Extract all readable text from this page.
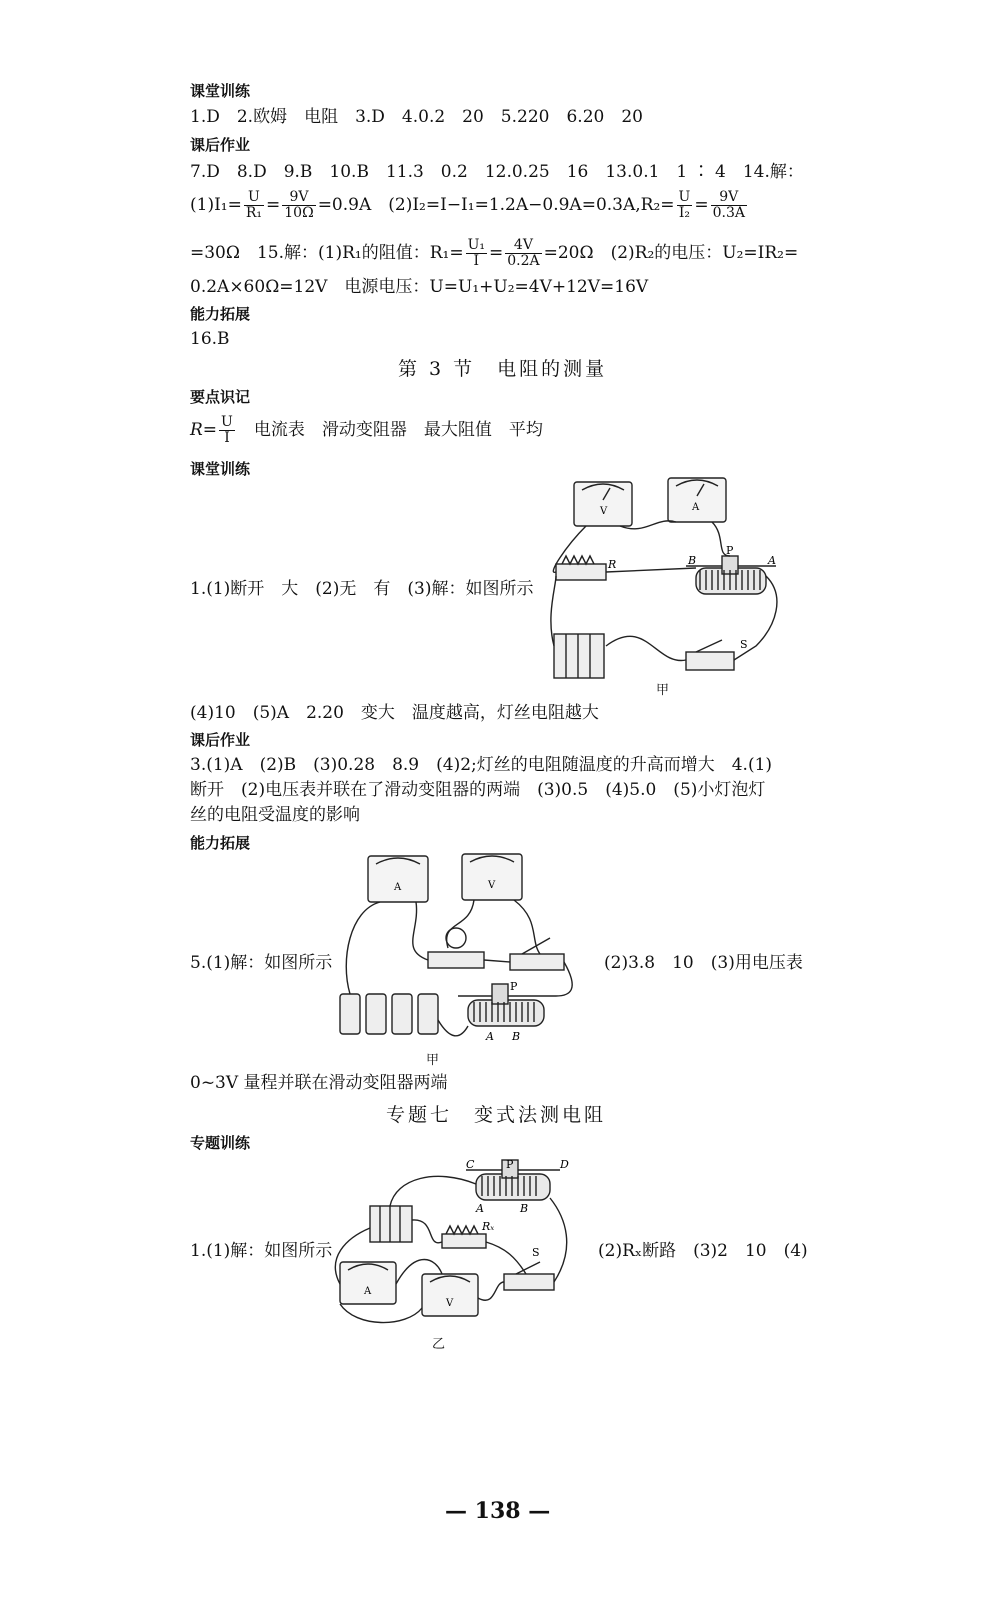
课堂训练
1.D　2.欧姆　电阻　3.D　4.0.2　20　5.220　6.20　20
课后作业
7.D　8.D　9.B　10.B　11.3　0.2　12.0.25　16　13.0.1　1 ∶ 4　14.解：
$(1)I_1= \frac{U}{\text{R₁}} = \frac{9V}{10\Omega} =0.9A$　$(2)I_2=I-I_1=1.2A-0.9A=0.3A,R_2= \frac{U}{\text{I₂}} = \frac{9V}{0.3A}$
=30Ω　15.解：(1)R₁的阻值：$R_1= \frac{\text{U₁}}{I} = \frac{4V}{0.2A} =20\Omega$　(2)R₂的电压：U₂=IR₂=
0.2A×60Ω=12V　电源电压：U=U₁+U₂=4V+12V=16V
能力拓展
16.B
第 3 节　电阻的测量
要点识记
$R= \frac{U}{I}$ 　电流表　滑动变阻器　最大阻值　平均
课堂训练
1.(1)断开　大　(2)无　有　(3)解：如图所示
V	A
R
P
B	A
S
甲
(4)10　(5)A　2.20　变大　温度越高，灯丝电阻越大
课后作业
3.(1)A　(2)B　(3)0.28　8.9　(4)2;灯丝的电阻随温度的升高而增大　4.(1)
断开　(2)电压表并联在了滑动变阻器的两端　(3)0.5　(4)5.0　(5)小灯泡灯
丝的电阻受温度的影响
能力拓展
5.(1)解：如图所示	(2)3.8　10　(3)用电压表
A	V
P
A B
甲
0~3V 量程并联在滑动变阻器两端
专题七　变式法测电阻
专题训练
1.(1)解：如图所示	(2)Rₓ断路　(3)2　10　(4)
C	P	D
A	B
Rₓ
S
A
V
乙
— 138 —
